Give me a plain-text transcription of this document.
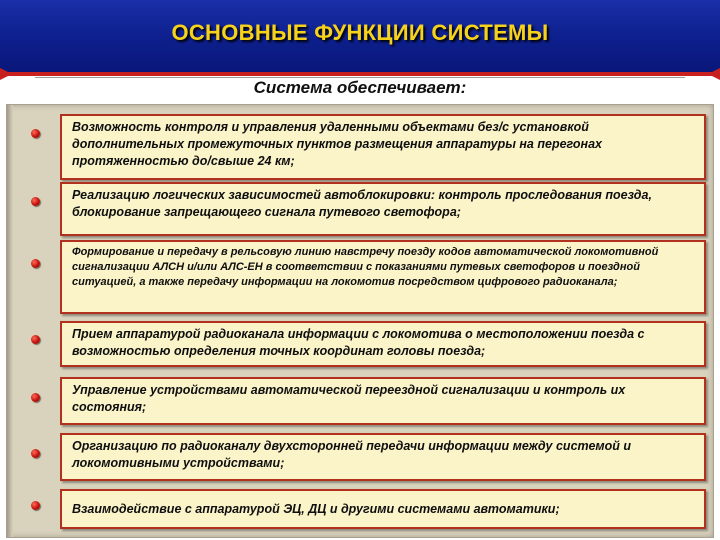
ОСНОВНЫЕ ФУНКЦИИ СИСТЕМЫ
Система обеспечивает:
Возможность контроля и управления удаленными объектами без/с установкой дополнительных промежуточных пунктов размещения аппаратуры на перегонах протяженностью до/свыше 24 км;
Реализацию логических зависимостей автоблокировки: контроль проследования поезда, блокирование запрещающего сигнала путевого светофора;
Формирование и передачу в рельсовую линию навстречу поезду кодов автоматической локомотивной сигнализации АЛСН и/или АЛС-ЕН в соответствии с показаниями путевых светофоров и поездной ситуацией, а также передачу информации на локомотив посредством цифрового радиоканала;
Прием аппаратурой радиоканала информации с локомотива о местоположении поезда с возможностью определения точных координат головы поезда;
Управление устройствами автоматической переездной сигнализации и контроль их состояния;
Организацию по радиоканалу двухсторонней передачи информации между системой и локомотивными устройствами;
Взаимодействие с аппаратурой ЭЦ, ДЦ и другими системами автоматики;
